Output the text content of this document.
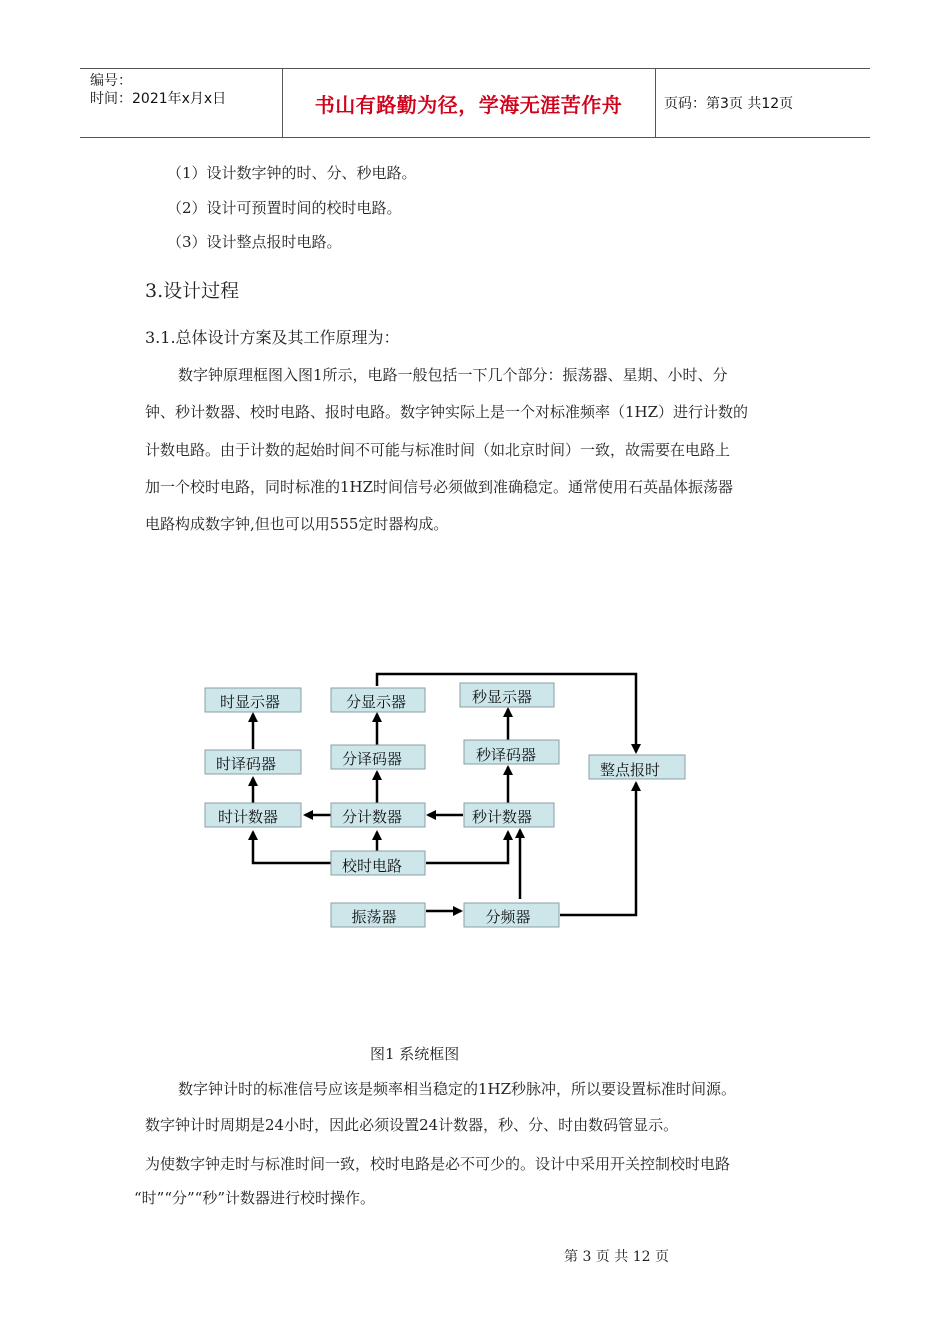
编号：
时间：2021年x月x日	书山有路勤为径，学海无涯苦作舟	页码：第3页 共12页
（1）设计数字钟的时、分、秒电路。
（2）设计可预置时间的校时电路。
（3）设计整点报时电路。
3.设计过程
3.1.总体设计方案及其工作原理为：
数字钟原理框图入图1所示，电路一般包括一下几个部分：振荡器、星期、小时、分
钟、秒计数器、校时电路、报时电路。数字钟实际上是一个对标准频率（1HZ）进行计数的
计数电路。由于计数的起始时间不可能与标准时间（如北京时间）一致，故需要在电路上
加一个校时电路，同时标准的1HZ时间信号必须做到准确稳定。通常使用石英晶体振荡器
电路构成数字钟,但也可以用555定时器构成。
时显示器	分显示器	秒显示器
时译码器	分译码器	秒译码器
时计数器	分计数器	秒计数器
整点报时
校时电路
振荡器	分频器
图1 系统框图
数字钟计时的标准信号应该是频率相当稳定的1HZ秒脉冲，所以要设置标准时间源。
数字钟计时周期是24小时，因此必须设置24计数器，秒、分、时由数码管显示。
为使数字钟走时与标准时间一致，校时电路是必不可少的。设计中采用开关控制校时电路
“时”“分”“秒”计数器进行校时操作。
第 3 页 共 12 页
